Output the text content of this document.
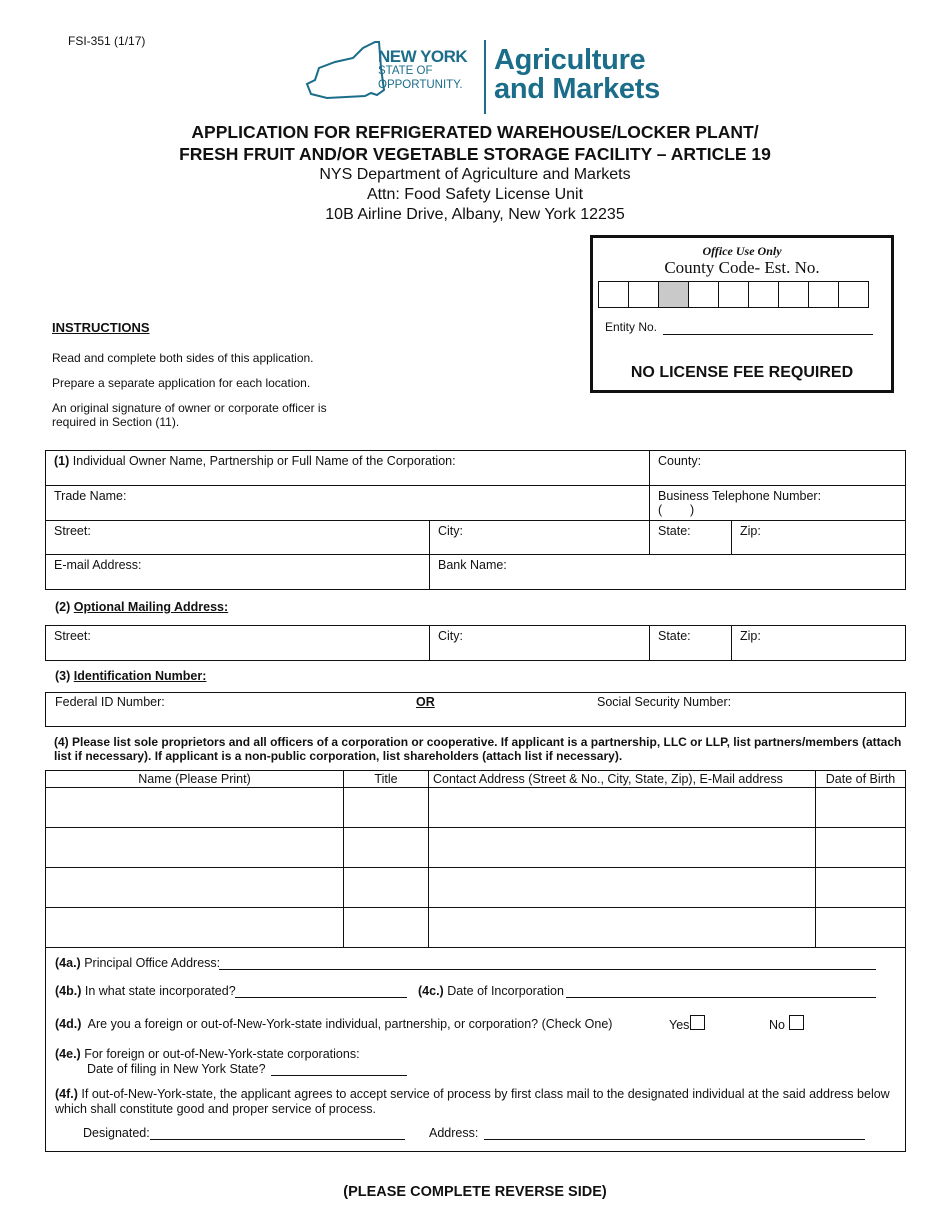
FSI-351 (1/17)
NEW YORK
STATE OF
OPPORTUNITY.
Agriculture
and Markets
APPLICATION FOR REFRIGERATED WAREHOUSE/LOCKER PLANT/
FRESH FRUIT AND/OR VEGETABLE STORAGE FACILITY – ARTICLE 19
NYS Department of Agriculture and Markets
Attn: Food Safety License Unit
10B Airline Drive, Albany, New York 12235
Office Use Only
County Code- Est. No.
Entity No.
NO LICENSE FEE REQUIRED
INSTRUCTIONS
Read and complete both sides of this application.
Prepare a separate application for each location.
An original signature of owner or corporate officer is required in Section (11).
(1) Individual Owner Name, Partnership or Full Name of the Corporation:		County:	
Trade Name:		Business Telephone Number:
(        )	
Street:	City:	State:	Zip:
E-mail Address:	Bank Name:		
(2) Optional Mailing Address:
Street:	City:	State:	Zip:
(3) Identification Number:
Federal ID Number:	OR	Social Security Number:
(4) Please list sole proprietors and all officers of a corporation or cooperative. If applicant is a partnership, LLC or LLP, list partners/members (attach list if necessary). If applicant is a non-public corporation, list shareholders (attach list if necessary).
Name (Please Print)	Title	Contact Address (Street & No., City, State, Zip), E-Mail address	Date of Birth

(4a.) Principal Office Address:
(4b.) In what state incorporated?	(4c.) Date of Incorporation
(4d.) Are you a foreign or out-of-New-York-state individual, partnership, or corporation? (Check One)	Yes	No
(4e.) For foreign or out-of-New-York-state corporations:
Date of filing in New York State?
(4f.) If out-of-New-York-state, the applicant agrees to accept service of process by first class mail to the designated individual at the said address below which shall constitute good and proper service of process.
Designated:	Address:
(PLEASE COMPLETE REVERSE SIDE)
